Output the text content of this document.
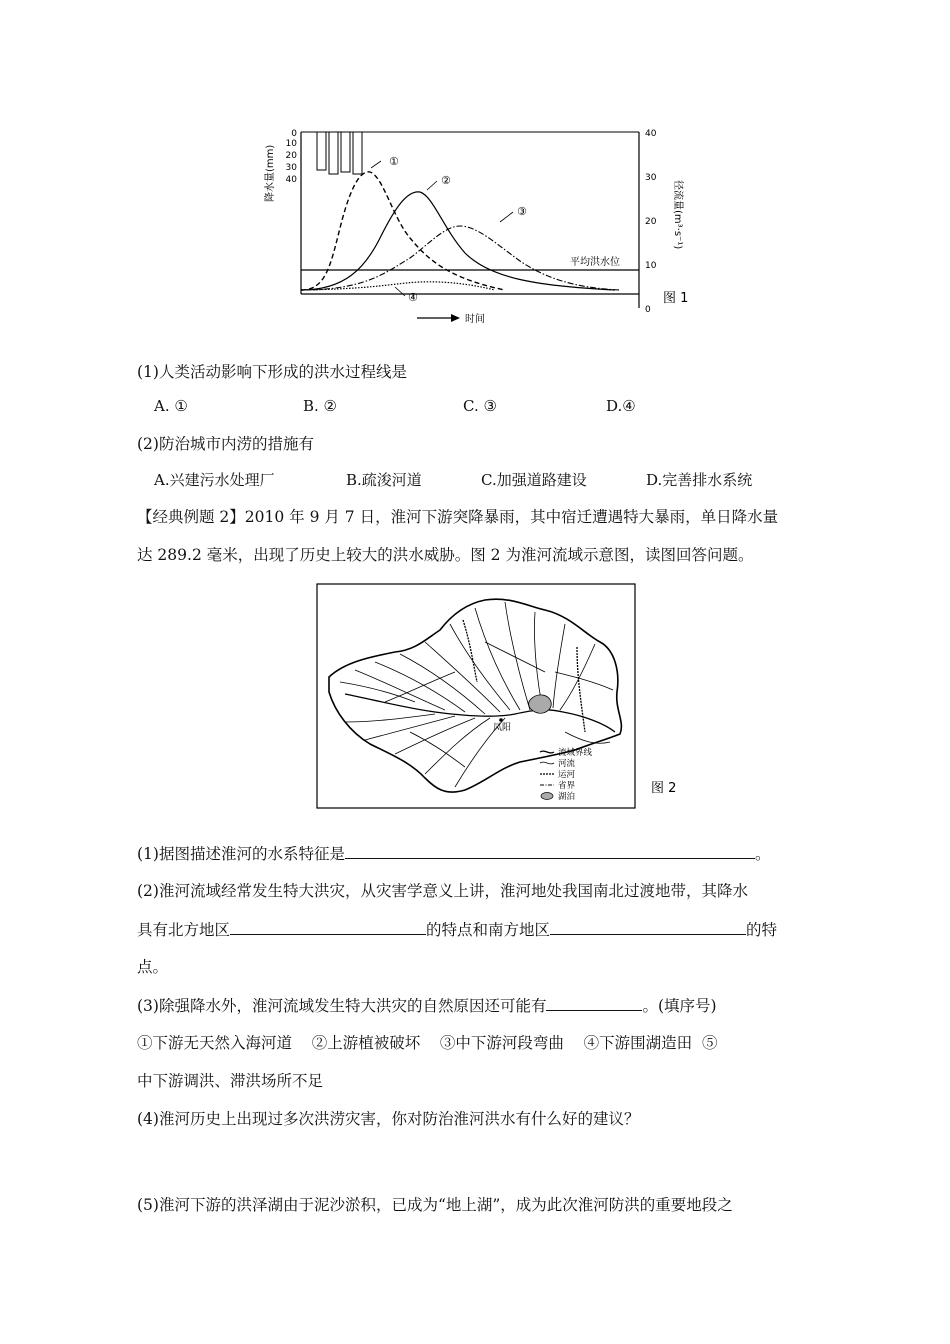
0
10
20
30
40
降水量(mm)
40
30
20
10
0
径流量(m³·s⁻¹)
平均洪水位
①
②
③
④
时间
图 1
(1)人类活动影响下形成的洪水过程线是
A. ①	B. ②	C. ③	D.④
(2)防治城市内涝的措施有
A.兴建污水处理厂	B.疏浚河道	C.加强道路建设	D.完善排水系统
【经典例题 2】2010 年 9 月 7 日，淮河下游突降暴雨，其中宿迁遭遇特大暴雨，单日降水量
达 289.2 毫米，出现了历史上较大的洪水威胁。图 2 为淮河流域示意图，读图回答问题。
凤阳
流域界线
河流
运河
省界
湖泊
图 2
(1)据图描述淮河的水系特征是	。
(2)淮河流域经常发生特大洪灾，从灾害学意义上讲，淮河地处我国南北过渡地带，其降水
具有北方地区	的特点和南方地区	的特
点。
(3)除强降水外，淮河流域发生特大洪灾的自然原因还可能有	。(填序号)
①下游无天然入海河道    ②上游植被破坏    ③中下游河段弯曲    ④下游围湖造田  ⑤
中下游调洪、滞洪场所不足
(4)淮河历史上出现过多次洪涝灾害，你对防治淮河洪水有什么好的建议？
(5)淮河下游的洪泽湖由于泥沙淤积，已成为“地上湖”，成为此次淮河防洪的重要地段之
